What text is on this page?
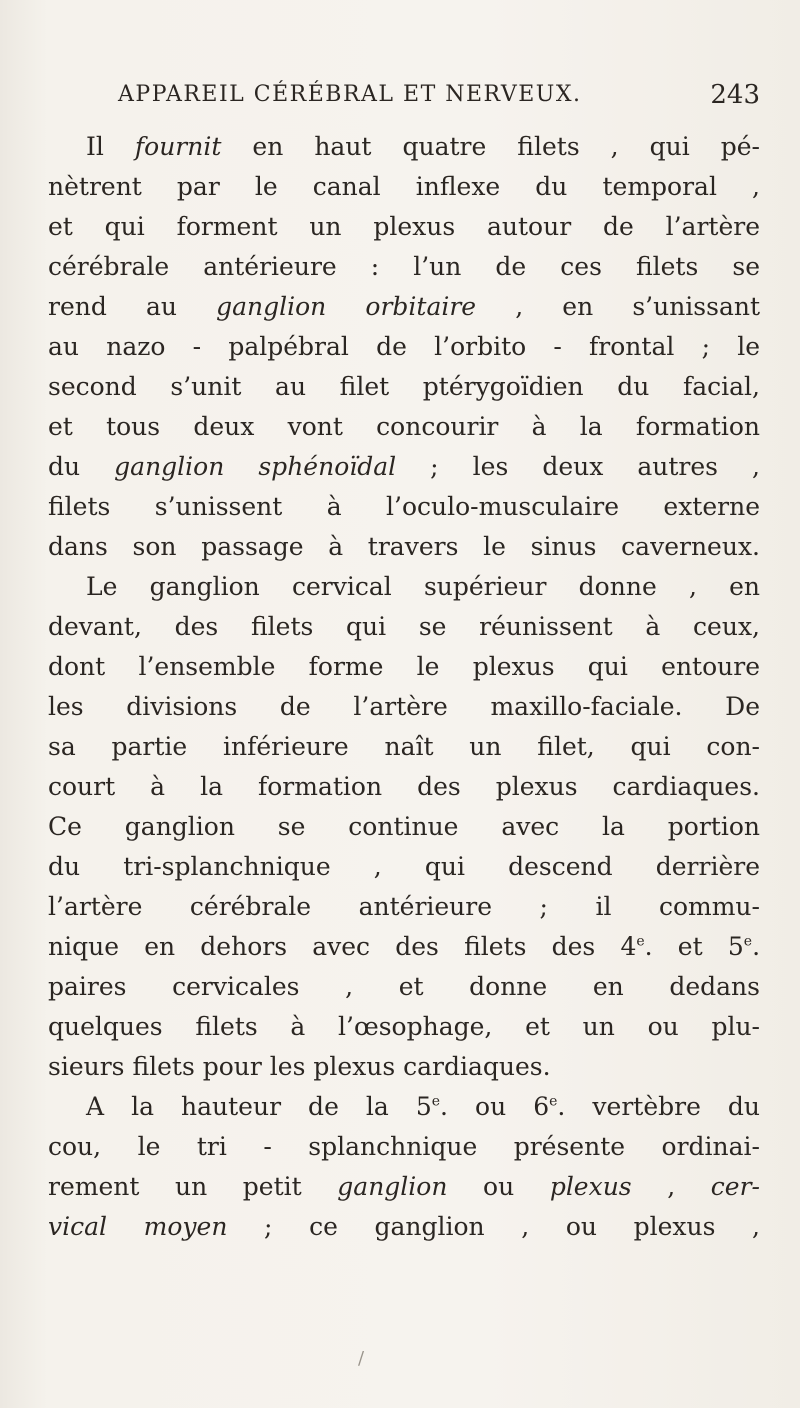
APPAREIL CÉRÉBRAL ET NERVEUX.	243
Il fournit en haut quatre filets , qui pé-
nètrent par le canal inflexe du temporal ,
et qui forment un plexus autour de l’artère
cérébrale antérieure : l’un de ces filets se
rend au ganglion orbitaire , en s’unissant
au nazo - palpébral de l’orbito - frontal ; le
second s’unit au filet ptérygoïdien du facial,
et tous deux vont concourir à la formation
du ganglion sphénoïdal ; les deux autres ,
filets s’unissent à l’oculo-musculaire externe
dans son passage à travers le sinus caverneux.
Le ganglion cervical supérieur donne , en
devant, des filets qui se réunissent à ceux,
dont l’ensemble forme le plexus qui entoure
les divisions de l’artère maxillo-faciale. De
sa partie inférieure naît un filet, qui con-
court à la formation des plexus cardiaques.
Ce ganglion se continue avec la portion
du tri-splanchnique , qui descend derrière
l’artère cérébrale antérieure ; il commu-
nique en dehors avec des filets des 4e. et 5e.
paires cervicales , et donne en dedans
quelques filets à l’œsophage, et un ou plu-
sieurs filets pour les plexus cardiaques.
A la hauteur de la 5e. ou 6e. vertèbre du
cou, le tri - splanchnique présente ordinai-
rement un petit ganglion ou plexus , cer-
vical moyen ; ce ganglion , ou plexus ,
/
